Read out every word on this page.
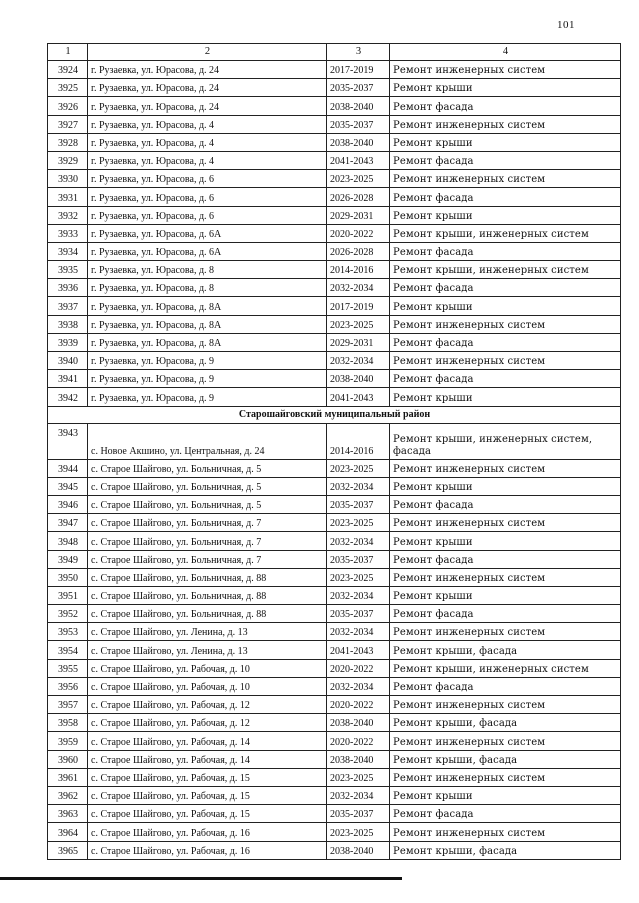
101
1	2	3	4
3924	г. Рузаевка, ул. Юрасова, д. 24	2017-2019	Ремонт инженерных систем
3925	г. Рузаевка, ул. Юрасова, д. 24	2035-2037	Ремонт крыши
3926	г. Рузаевка, ул. Юрасова, д. 24	2038-2040	Ремонт фасада
3927	г. Рузаевка, ул. Юрасова, д. 4	2035-2037	Ремонт инженерных систем
3928	г. Рузаевка, ул. Юрасова, д. 4	2038-2040	Ремонт крыши
3929	г. Рузаевка, ул. Юрасова, д. 4	2041-2043	Ремонт фасада
3930	г. Рузаевка, ул. Юрасова, д. 6	2023-2025	Ремонт инженерных систем
3931	г. Рузаевка, ул. Юрасова, д. 6	2026-2028	Ремонт фасада
3932	г. Рузаевка, ул. Юрасова, д. 6	2029-2031	Ремонт крыши
3933	г. Рузаевка, ул. Юрасова, д. 6А	2020-2022	Ремонт крыши, инженерных систем
3934	г. Рузаевка, ул. Юрасова, д. 6А	2026-2028	Ремонт фасада
3935	г. Рузаевка, ул. Юрасова, д. 8	2014-2016	Ремонт крыши, инженерных систем
3936	г. Рузаевка, ул. Юрасова, д. 8	2032-2034	Ремонт фасада
3937	г. Рузаевка, ул. Юрасова, д. 8А	2017-2019	Ремонт крыши
3938	г. Рузаевка, ул. Юрасова, д. 8А	2023-2025	Ремонт инженерных систем
3939	г. Рузаевка, ул. Юрасова, д. 8А	2029-2031	Ремонт фасада
3940	г. Рузаевка, ул. Юрасова, д. 9	2032-2034	Ремонт инженерных систем
3941	г. Рузаевка, ул. Юрасова, д. 9	2038-2040	Ремонт фасада
3942	г. Рузаевка, ул. Юрасова, д. 9	2041-2043	Ремонт крыши
Старошайговский муниципальный район			
3943	с. Новое Акшино, ул. Центральная, д. 24	2014-2016	Ремонт крыши, инженерных систем, фасада
3944	с. Старое Шайгово, ул. Больничная, д. 5	2023-2025	Ремонт инженерных систем
3945	с. Старое Шайгово, ул. Больничная, д. 5	2032-2034	Ремонт крыши
3946	с. Старое Шайгово, ул. Больничная, д. 5	2035-2037	Ремонт фасада
3947	с. Старое Шайгово, ул. Больничная, д. 7	2023-2025	Ремонт инженерных систем
3948	с. Старое Шайгово, ул. Больничная, д. 7	2032-2034	Ремонт крыши
3949	с. Старое Шайгово, ул. Больничная, д. 7	2035-2037	Ремонт фасада
3950	с. Старое Шайгово, ул. Больничная, д. 88	2023-2025	Ремонт инженерных систем
3951	с. Старое Шайгово, ул. Больничная, д. 88	2032-2034	Ремонт крыши
3952	с. Старое Шайгово, ул. Больничная, д. 88	2035-2037	Ремонт фасада
3953	с. Старое Шайгово, ул. Ленина, д. 13	2032-2034	Ремонт инженерных систем
3954	с. Старое Шайгово, ул. Ленина, д. 13	2041-2043	Ремонт крыши, фасада
3955	с. Старое Шайгово, ул. Рабочая, д. 10	2020-2022	Ремонт крыши, инженерных систем
3956	с. Старое Шайгово, ул. Рабочая, д. 10	2032-2034	Ремонт фасада
3957	с. Старое Шайгово, ул. Рабочая, д. 12	2020-2022	Ремонт инженерных систем
3958	с. Старое Шайгово, ул. Рабочая, д. 12	2038-2040	Ремонт крыши, фасада
3959	с. Старое Шайгово, ул. Рабочая, д. 14	2020-2022	Ремонт инженерных систем
3960	с. Старое Шайгово, ул. Рабочая, д. 14	2038-2040	Ремонт крыши, фасада
3961	с. Старое Шайгово, ул. Рабочая, д. 15	2023-2025	Ремонт инженерных систем
3962	с. Старое Шайгово, ул. Рабочая, д. 15	2032-2034	Ремонт крыши
3963	с. Старое Шайгово, ул. Рабочая, д. 15	2035-2037	Ремонт фасада
3964	с. Старое Шайгово, ул. Рабочая, д. 16	2023-2025	Ремонт инженерных систем
3965	с. Старое Шайгово, ул. Рабочая, д. 16	2038-2040	Ремонт крыши, фасада
